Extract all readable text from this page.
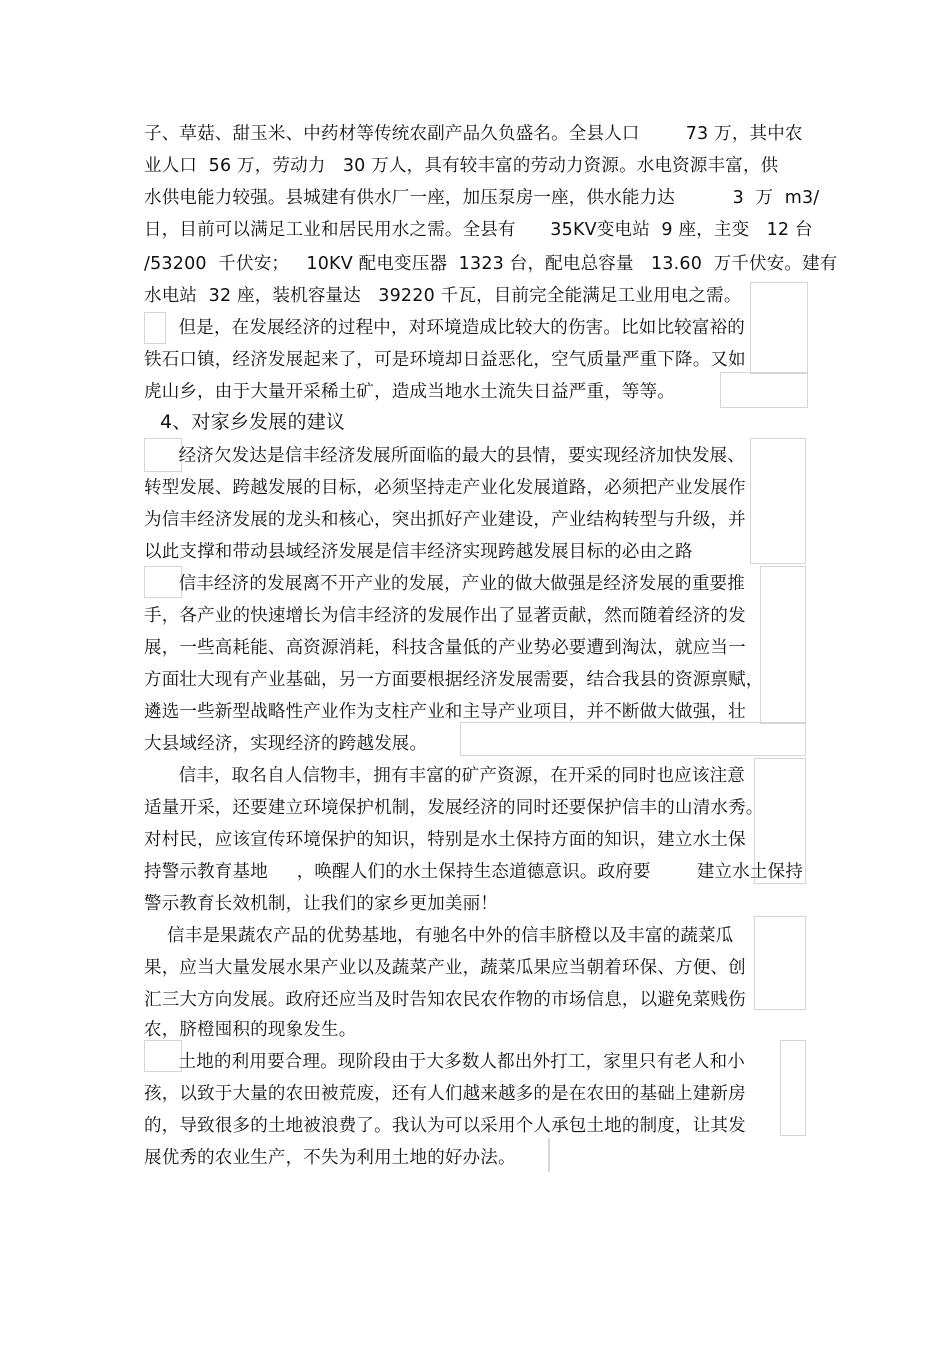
子、草菇、甜玉米、中药材等传统农副产品久负盛名。全县人口        73 万，其中农
业人口  56 万，劳动力   30 万人，具有较丰富的劳动力资源。水电资源丰富，供
水供电能力较强。县城建有供水厂一座，加压泵房一座，供水能力达          3  万  m3/
日，目前可以满足工业和居民用水之需。全县有      35KV变电站  9 座，主变   12 台
/53200  千伏安；   10KV 配电变压器  1323 台，配电总容量   13.60  万千伏安。建有
水电站  32 座，装机容量达   39220 千瓦，目前完全能满足工业用电之需。
但是，在发展经济的过程中，对环境造成比较大的伤害。比如比较富裕的
铁石口镇，经济发展起来了，可是环境却日益恶化，空气质量严重下降。又如
虎山乡，由于大量开采稀土矿，造成当地水土流失日益严重，等等。
4、对家乡发展的建议
经济欠发达是信丰经济发展所面临的最大的县情，要实现经济加快发展、
转型发展、跨越发展的目标，必须坚持走产业化发展道路，必须把产业发展作
为信丰经济发展的龙头和核心，突出抓好产业建设，产业结构转型与升级，并
以此支撑和带动县域经济发展是信丰经济实现跨越发展目标的必由之路
信丰经济的发展离不开产业的发展，产业的做大做强是经济发展的重要推
手，各产业的快速增长为信丰经济的发展作出了显著贡献，然而随着经济的发
展，一些高耗能、高资源消耗，科技含量低的产业势必要遭到淘汰，就应当一
方面壮大现有产业基础，另一方面要根据经济发展需要，结合我县的资源禀赋，
遴选一些新型战略性产业作为支柱产业和主导产业项目，并不断做大做强，壮
大县域经济，实现经济的跨越发展。
信丰，取名自人信物丰，拥有丰富的矿产资源，在开采的同时也应该注意
适量开采，还要建立环境保护机制，发展经济的同时还要保护信丰的山清水秀。
对村民，应该宣传环境保护的知识，特别是水土保持方面的知识，建立水土保
持警示教育基地     ，唤醒人们的水土保持生态道德意识。政府要        建立水土保持
警示教育长效机制，让我们的家乡更加美丽！
信丰是果蔬农产品的优势基地，有驰名中外的信丰脐橙以及丰富的蔬菜瓜
果，应当大量发展水果产业以及蔬菜产业，蔬菜瓜果应当朝着环保、方便、创
汇三大方向发展。政府还应当及时告知农民农作物的市场信息，以避免菜贱伤
农，脐橙囤积的现象发生。
土地的利用要合理。现阶段由于大多数人都出外打工，家里只有老人和小
孩，以致于大量的农田被荒废，还有人们越来越多的是在农田的基础上建新房
的，导致很多的土地被浪费了。我认为可以采用个人承包土地的制度，让其发
展优秀的农业生产，不失为利用土地的好办法。
